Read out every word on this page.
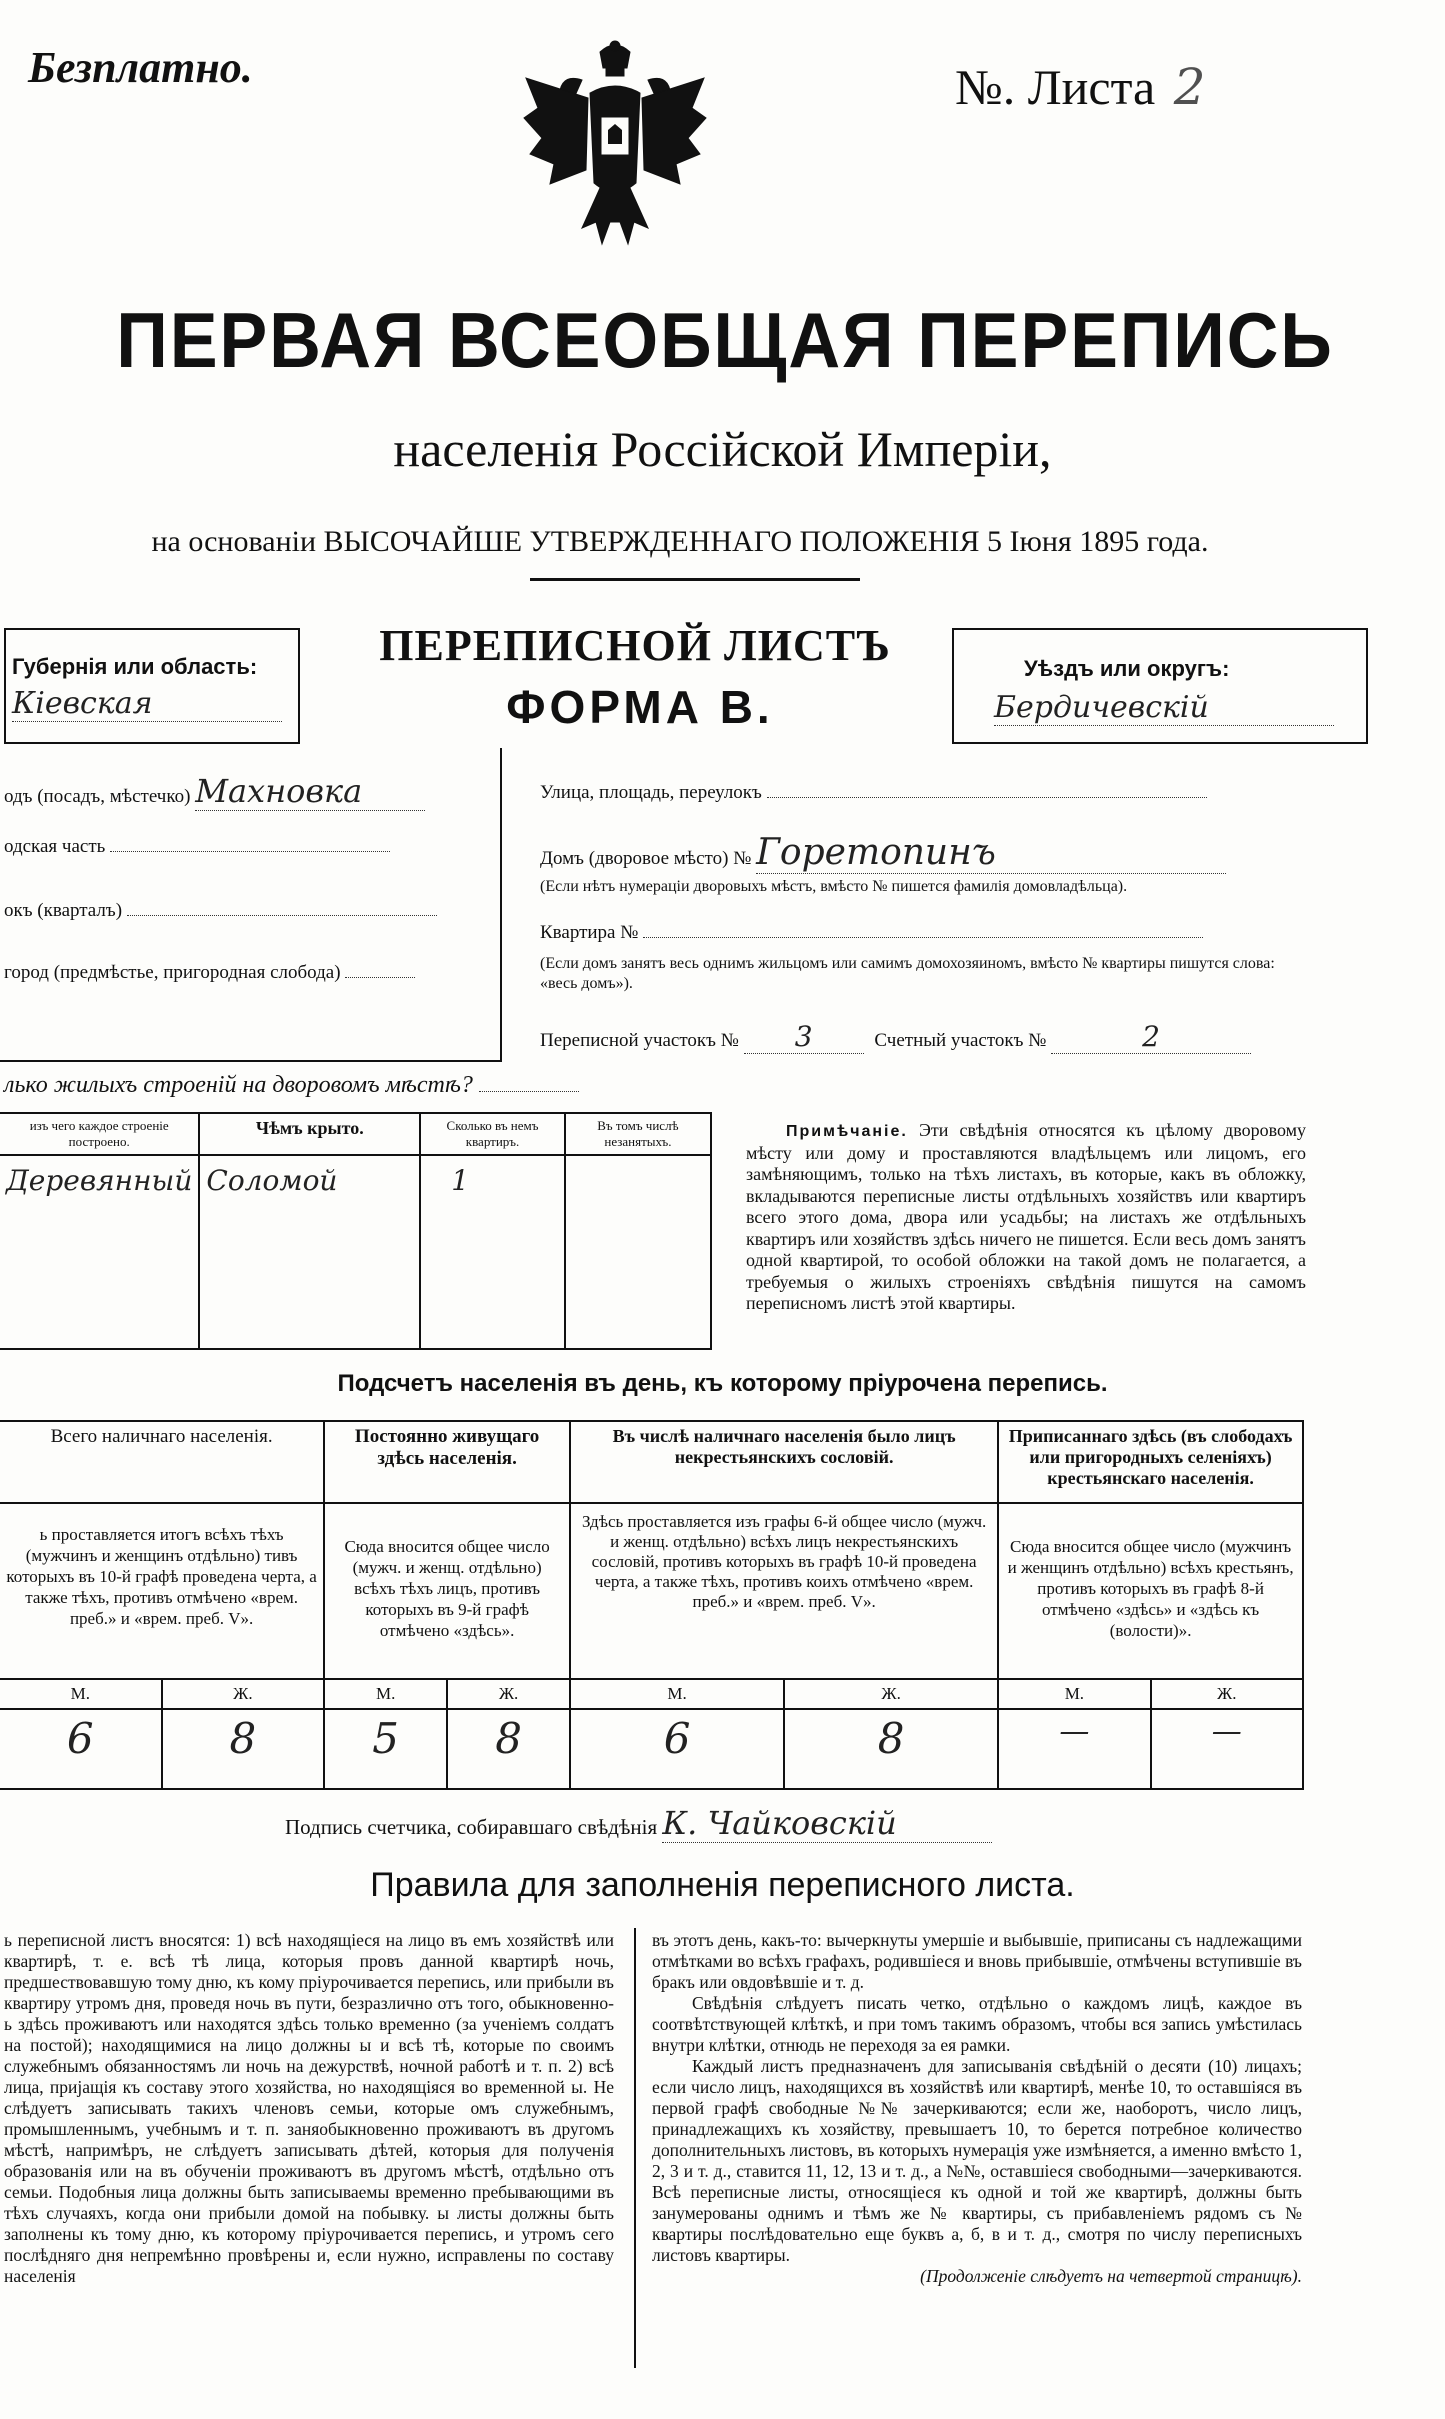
Безплатно.	№. Листа 2
ПЕРВАЯ ВСЕОБЩАЯ ПЕРЕПИСЬ
населенія Россійской Имперіи,
на основаніи ВЫСОЧАЙШЕ УТВЕРЖДЕННАГО ПОЛОЖЕНІЯ 5 Іюня 1895 года.
Губернія или область:
Кіевская
ПЕРЕПИСНОЙ ЛИСТЪ
ФОРМА В.
Уѣздъ или округъ:
Бердичевскій
одъ (посадъ, мѣстечко) Махновка
одская часть
окъ (кварталъ)
город (предмѣстье, пригородная слобода)
Улица, площадь, переулокъ
Домъ (дворовое мѣсто) № Горетопинъ
(Если нѣтъ нумераціи дворовыхъ мѣстъ, вмѣсто № пишется фамилія домовладѣльца).
Квартира №
(Если домъ занятъ весь однимъ жильцомъ или самимъ домохозяиномъ, вмѣсто № квартиры пишутся слова: «весь домъ»).
Переписной участокъ № 3	Счетный участокъ №	2
лько жилыхъ строеній на дворовомъ мѣстѣ?
изъ чего каждое строеніе построено.	Чѣмъ крыто.	Сколько въ немъ квартиръ.	Въ томъ числѣ незанятыхъ.
Деревянный	Соломой	1	
Примѣчаніе. Эти свѣдѣнія относятся къ цѣлому дворовому мѣсту или дому и проставляются владѣльцемъ или лицомъ, его замѣняющимъ, только на тѣхъ листахъ, въ которые, какъ въ обложку, вкладываются переписные листы отдѣльныхъ хозяйствъ или квартиръ всего этого дома, двора или усадьбы; на листахъ же отдѣльныхъ квартиръ или хозяйствъ здѣсь ничего не пишется. Если весь домъ занятъ одной квартирой, то особой обложки на такой домъ не полагается, а требуемыя о жилыхъ строеніяхъ свѣдѣнія пишутся на самомъ переписномъ листѣ этой квартиры.
Подсчетъ населенія въ день, къ которому пріурочена перепись.
Всего наличнаго населенія.		Постоянно живущаго здѣсь населенія.		Въ числѣ наличнаго населенія было лицъ некрестьянскихъ сословій.		Приписаннаго здѣсь (въ слободахъ или пригородныхъ селеніяхъ) крестьянскаго населенія.	
ь проставляется итогъ всѣхъ тѣхъ (мужчинъ и женщинъ отдѣльно) тивъ которыхъ въ 10-й графѣ проведена черта, а также тѣхъ, противъ отмѣчено «врем. преб.» и «врем. преб. V».		Сюда вносится общее число (мужч. и женщ. отдѣльно) всѣхъ тѣхъ лицъ, противъ которыхъ въ 9-й графѣ отмѣчено «здѣсь».		Здѣсь проставляется изъ графы 6-й общее число (мужч. и женщ. отдѣльно) всѣхъ лицъ некрестьянскихъ сословій, противъ которыхъ въ графѣ 10-й проведена черта, а также тѣхъ, противъ коихъ отмѣчено «врем. преб.» и «врем. преб. V».		Сюда вносится общее число (мужчинъ и женщинъ отдѣльно) всѣхъ крестьянъ, противъ которыхъ въ графѣ 8-й отмѣчено «здѣсь» и «здѣсь къ (волости)».	
М.	Ж.	М.	Ж.	М.	Ж.	М.	Ж.
6	8	5	8	6	8	—	—
Подпись счетчика, собиравшаго свѣдѣнія К. Чайковскій
Правила для заполненія переписного листа.
ь переписной листъ вносятся: 1) всѣ находящіеся на лицо въ емъ хозяйствѣ или квартирѣ, т. е. всѣ тѣ лица, которыя провъ данной квартирѣ ночь, предшествовавшую тому дню, къ кому пріурочивается перепись, или прибыли въ квартиру утромъ дня, проведя ночь въ пути, безразлично отъ того, обыкновенно-ь здѣсь проживаютъ или находятся здѣсь только временно (за ученіемъ солдатъ на постой); находящимися на лицо должны ы и всѣ тѣ, которые по своимъ служебнымъ обязанностямъ ли ночь на дежурствѣ, ночной работѣ и т. п. 2) всѣ лица, пријащія къ составу этого хозяйства, но находящіяся во временной ы. Не слѣдуетъ записывать такихъ членовъ семьи, которые омъ служебнымъ, промышленнымъ, учебнымъ и т. п. заняобыкновенно проживаютъ въ другомъ мѣстѣ, напримѣръ, не слѣдуетъ записывать дѣтей, которыя для полученія образованія или на въ обученіи проживаютъ въ другомъ мѣстѣ, отдѣльно отъ семьи. Подобныя лица должны быть записываемы временно пребывающими въ тѣхъ случаяхъ, когда они прибыли домой на побывку. ы листы должны быть заполнены къ тому дню, къ которому пріурочивается перепись, и утромъ сего послѣдняго дня непремѣнно провѣрены и, если нужно, исправлены по составу населенія
въ этотъ день, какъ-то: вычеркнуты умершіе и выбывшіе, приписаны съ надлежащими отмѣтками во всѣхъ графахъ, родившіеся и вновь прибывшіе, отмѣчены вступившіе въ бракъ или овдовѣвшіе и т. д.
Свѣдѣнія слѣдуетъ писать четко, отдѣльно о каждомъ лицѣ, каждое въ соотвѣтствующей клѣткѣ, и при томъ такимъ образомъ, чтобы вся запись умѣстилась внутри клѣтки, отнюдь не переходя за ея рамки.
Каждый листъ предназначенъ для записыванія свѣдѣній о десяти (10) лицахъ; если число лицъ, находящихся въ хозяйствѣ или квартирѣ, менѣе 10, то оставшіяся въ первой графѣ свободные №№ зачеркиваются; если же, наоборотъ, число лицъ, принадлежащихъ къ хозяйству, превышаетъ 10, то берется потребное количество дополнительныхъ листовъ, въ которыхъ нумерація уже измѣняется, а именно вмѣсто 1, 2, 3 и т. д., ставится 11, 12, 13 и т. д., а №№, оставшіеся свободными—зачеркиваются. Всѣ переписные листы, относящіеся къ одной и той же квартирѣ, должны быть занумерованы однимъ и тѣмъ же № квартиры, съ прибавленіемъ рядомъ съ № квартиры послѣдовательно еще буквъ а, б, в и т. д., смотря по числу переписныхъ листовъ квартиры.
(Продолженіе слѣдуетъ на четвертой страницѣ).
